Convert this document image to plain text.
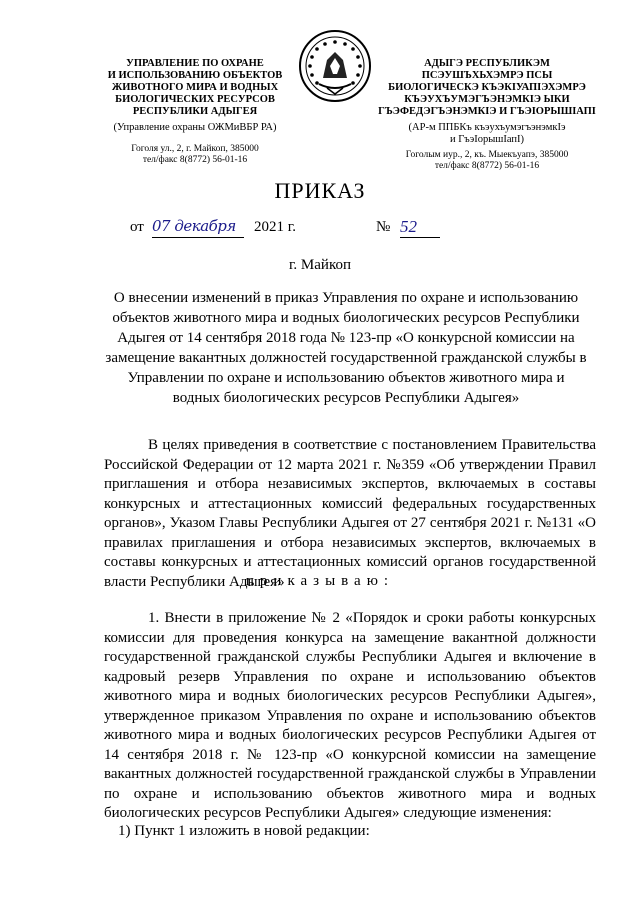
УПРАВЛЕНИЕ ПО ОХРАНЕ
И ИСПОЛЬЗОВАНИЮ ОБЪЕКТОВ
ЖИВОТНОГО МИРА И ВОДНЫХ
БИОЛОГИЧЕСКИХ РЕСУРСОВ
РЕСПУБЛИКИ АДЫГЕЯ
(Управление охраны ОЖМиВБР РА)
Гоголя ул., 2, г. Майкоп, 385000
тел/факс 8(8772) 56-01-16
АДЫГЭ РЕСПУБЛИКЭМ
ПСЭУШЪХЬХЭМРЭ ПСЫ
БИОЛОГИЧЕСКЭ КЪЭКIУАПIЭХЭМРЭ
КЪЭУХЪУМЭГЪЭНЭМКIЭ ЫКИ
ГЪЭФЕДЭГЪЭНЭМКIЭ И ГЪЭIОРЫШIАПI
(АР-м ППБКъ къэухъумэгъэнэмкIэ
и ГъэIорышIапI)
Гоголым иур., 2, къ. Мыекъуапэ, 385000
тел/факс 8(8772) 56-01-16
ПРИКАЗ
от 07 декабря	2021 г.	№ 52
г. Майкоп
О внесении изменений в приказ Управления по охране и использованию объектов животного мира и водных биологических ресурсов Республики Адыгея от 14 сентября 2018 года № 123-пр «О конкурсной комиссии на замещение вакантных должностей государственной гражданской службы в Управлении по охране и использованию объектов животного мира и водных биологических ресурсов Республики Адыгея»
В целях приведения в соответствие с постановлением Правительства Российской Федерации от 12 марта 2021 г. №359 «Об утверждении Правил приглашения и отбора независимых экспертов, включаемых в составы конкурсных и аттестационных комиссий федеральных государственных органов», Указом Главы Республики Адыгея от 27 сентября 2021 г. №131 «О правилах приглашения и отбора независимых экспертов, включаемых в составы конкурсных и аттестационных комиссий органов государственной власти Республики Адыгея»
приказываю:
1. Внести в приложение № 2 «Порядок и сроки работы конкурсных комиссии для проведения конкурса на замещение вакантной должности государственной гражданской службы Республики Адыгея и включение в кадровый резерв Управления по охране и использованию объектов животного мира и водных биологических ресурсов Республики Адыгея», утвержденное приказом Управления по охране и использованию объектов животного мира и водных биологических ресурсов Республики Адыгея от 14 сентября 2018 г. № 123-пр «О конкурсной комиссии на замещение вакантных должностей государственной гражданской службы в Управлении по охране и использованию объектов животного мира и водных биологических ресурсов Республики Адыгея» следующие изменения:
1) Пункт 1 изложить в новой редакции:
